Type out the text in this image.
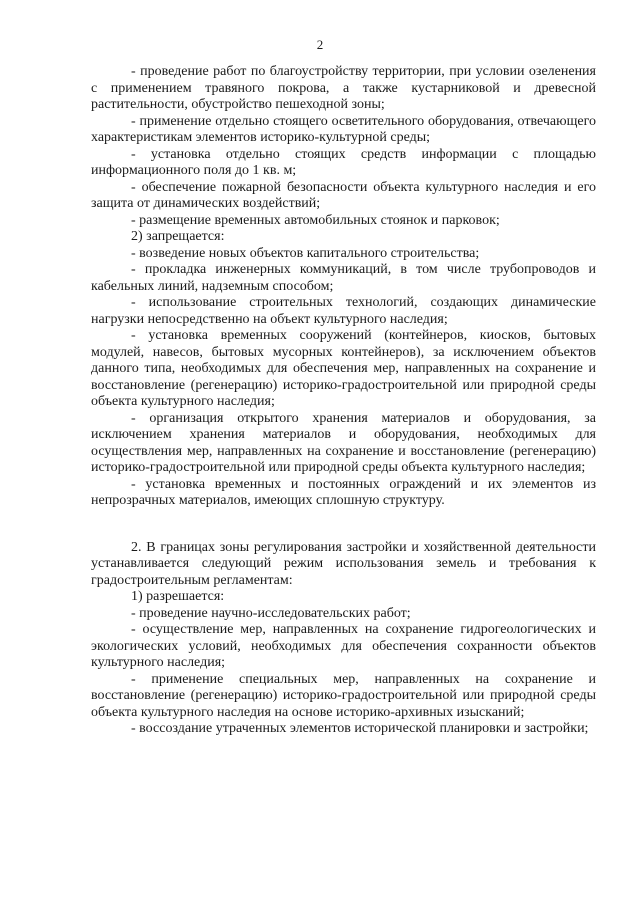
2

- проведение работ по благоустройству территории, при условии озеленения с применением травяного покрова, а также кустарниковой и древесной растительности, обустройство пешеходной зоны;

- применение отдельно стоящего осветительного оборудования, отвечающего характеристикам элементов историко-культурной среды;

- установка отдельно стоящих средств информации с площадью информационного поля до 1 кв. м;

- обеспечение пожарной безопасности объекта культурного наследия и его защита от динамических воздействий;

- размещение временных автомобильных стоянок и парковок;

2) запрещается:

- возведение новых объектов капитального строительства;

- прокладка инженерных коммуникаций, в том числе трубопроводов и кабельных линий, надземным способом;

- использование строительных технологий, создающих динамические нагрузки непосредственно на объект культурного наследия;

- установка временных сооружений (контейнеров, киосков, бытовых модулей, навесов, бытовых мусорных контейнеров), за исключением объектов данного типа, необходимых для обеспечения мер, направленных на сохранение и восстановление (регенерацию) историко-градостроительной или природной среды объекта культурного наследия;

- организация открытого хранения материалов и оборудования, за исключением хранения материалов и оборудования, необходимых для осуществления мер, направленных на сохранение и восстановление (регенерацию) историко-градостроительной или природной среды объекта культурного наследия;

- установка временных и постоянных ограждений и их элементов из непрозрачных материалов, имеющих сплошную структуру.

2. В границах зоны регулирования застройки и хозяйственной деятельности устанавливается следующий режим использования земель и требования к градостроительным регламентам:

1) разрешается:

- проведение научно-исследовательских работ;

- осуществление мер, направленных на сохранение гидрогеологических и экологических условий, необходимых для обеспечения сохранности объектов культурного наследия;

- применение специальных мер, направленных на сохранение и восстановление (регенерацию) историко-градостроительной или природной среды объекта культурного наследия на основе историко-архивных изысканий;

- воссоздание утраченных элементов исторической планировки и застройки;
